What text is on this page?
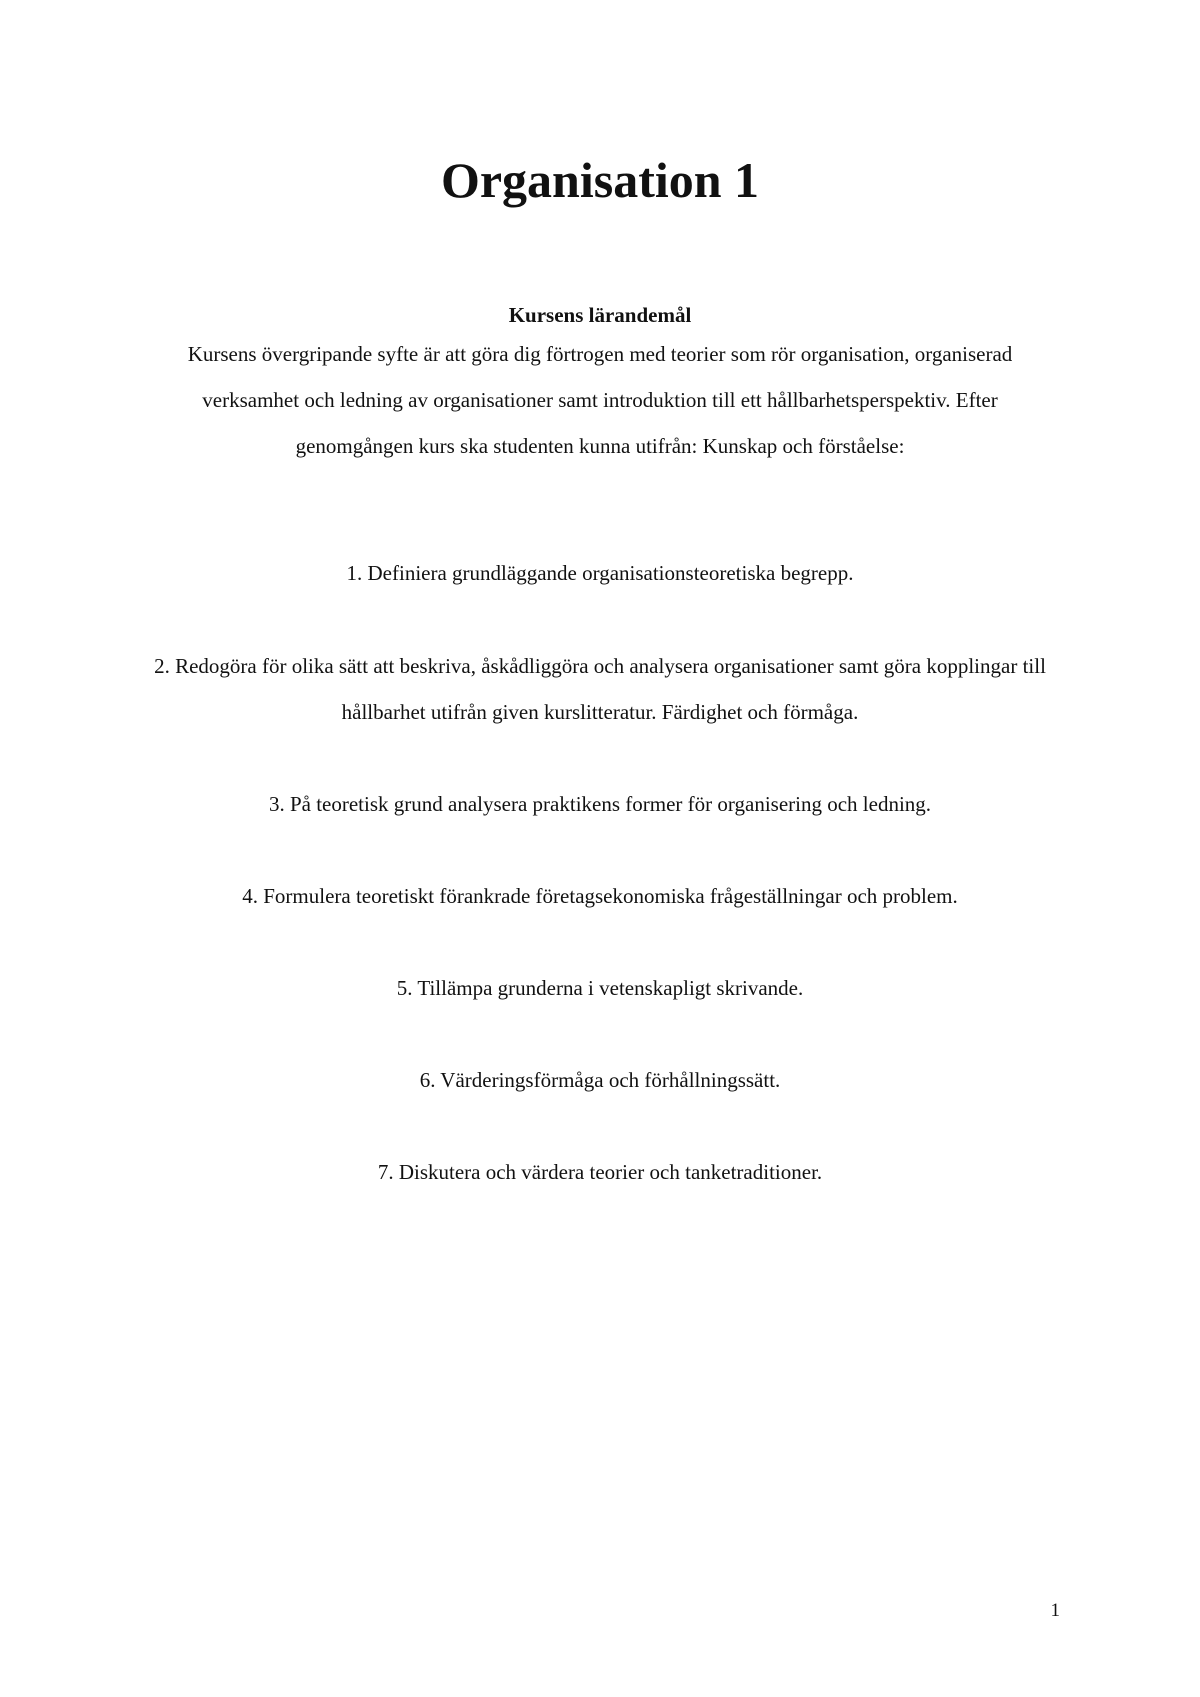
Organisation 1
Kursens lärandemål

Kursens övergripande syfte är att göra dig förtrogen med teorier som rör organisation, organiserad verksamhet och ledning av organisationer samt introduktion till ett hållbarhetsperspektiv. Efter genomgången kurs ska studenten kunna utifrån: Kunskap och förståelse:

1. Definiera grundläggande organisationsteoretiska begrepp.
2. Redogöra för olika sätt att beskriva, åskådliggöra och analysera organisationer samt göra kopplingar till hållbarhet utifrån given kurslitteratur. Färdighet och förmåga.
3. På teoretisk grund analysera praktikens former för organisering och ledning.
4. Formulera teoretiskt förankrade företagsekonomiska frågeställningar och problem.
5. Tillämpa grunderna i vetenskapligt skrivande.
6. Värderingsförmåga och förhållningssätt.
7. Diskutera och värdera teorier och tanketraditioner.
1
